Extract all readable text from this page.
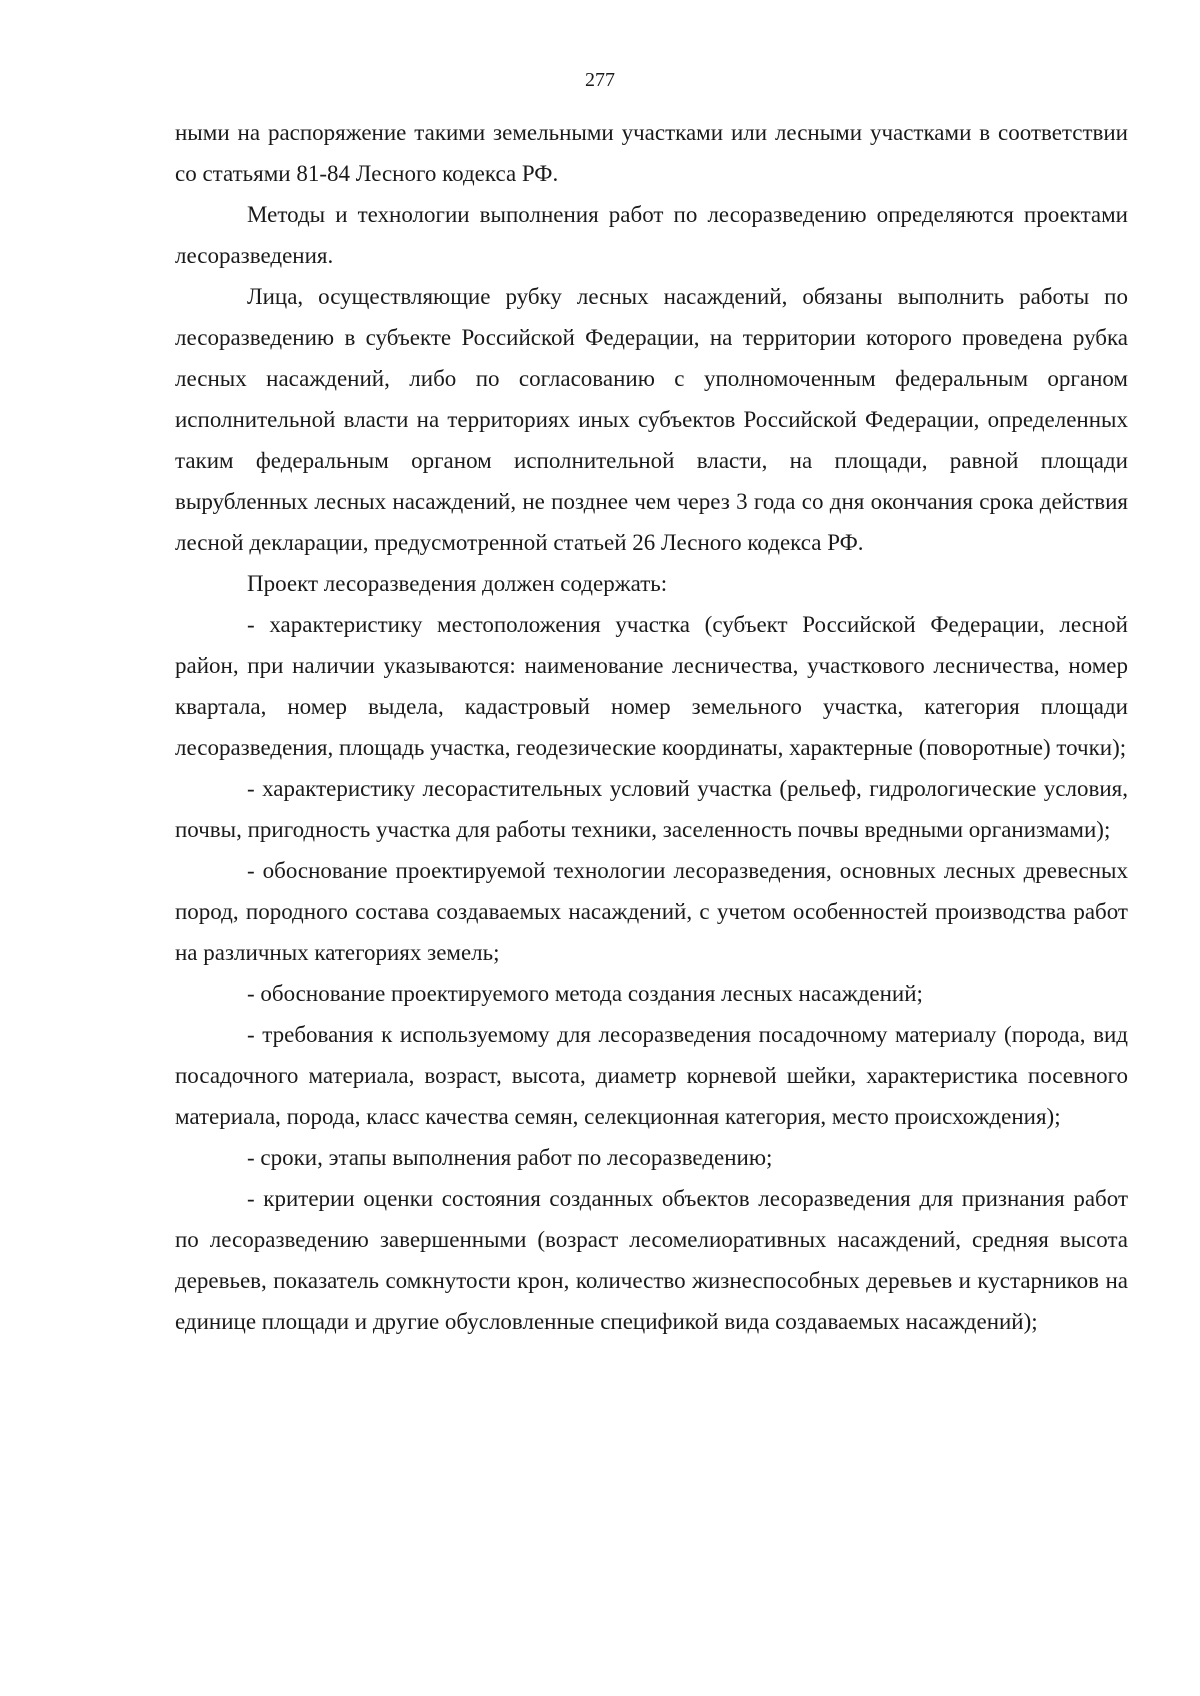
277

ными на распоряжение такими земельными участками или лесными участками в соответствии со статьями 81-84 Лесного кодекса РФ.

Методы и технологии выполнения работ по лесоразведению определяются проектами лесоразведения.

Лица, осуществляющие рубку лесных насаждений, обязаны выполнить работы по лесоразведению в субъекте Российской Федерации, на территории которого проведена рубка лесных насаждений, либо по согласованию с уполномоченным федеральным органом исполнительной власти на территориях иных субъектов Российской Федерации, определенных таким федеральным органом исполнительной власти, на площади, равной площади вырубленных лесных насаждений, не позднее чем через 3 года со дня окончания срока действия лесной декларации, предусмотренной статьей 26 Лесного кодекса РФ.

Проект лесоразведения должен содержать:

- характеристику местоположения участка (субъект Российской Федерации, лесной район, при наличии указываются: наименование лесничества, участкового лесничества, номер квартала, номер выдела, кадастровый номер земельного участка, категория площади лесоразведения, площадь участка, геодезические координаты, характерные (поворотные) точки);

- характеристику лесорастительных условий участка (рельеф, гидрологические условия, почвы, пригодность участка для работы техники, заселенность почвы вредными организмами);

- обоснование проектируемой технологии лесоразведения, основных лесных древесных пород, породного состава создаваемых насаждений, с учетом особенностей производства работ на различных категориях земель;

- обоснование проектируемого метода создания лесных насаждений;

- требования к используемому для лесоразведения посадочному материалу (порода, вид посадочного материала, возраст, высота, диаметр корневой шейки, характеристика посевного материала, порода, класс качества семян, селекционная категория, место происхождения);

- сроки, этапы выполнения работ по лесоразведению;

- критерии оценки состояния созданных объектов лесоразведения для признания работ по лесоразведению завершенными (возраст лесомелиоративных насаждений, средняя высота деревьев, показатель сомкнутости крон, количество жизнеспособных деревьев и кустарников на единице площади и другие обусловленные спецификой вида создаваемых насаждений);
